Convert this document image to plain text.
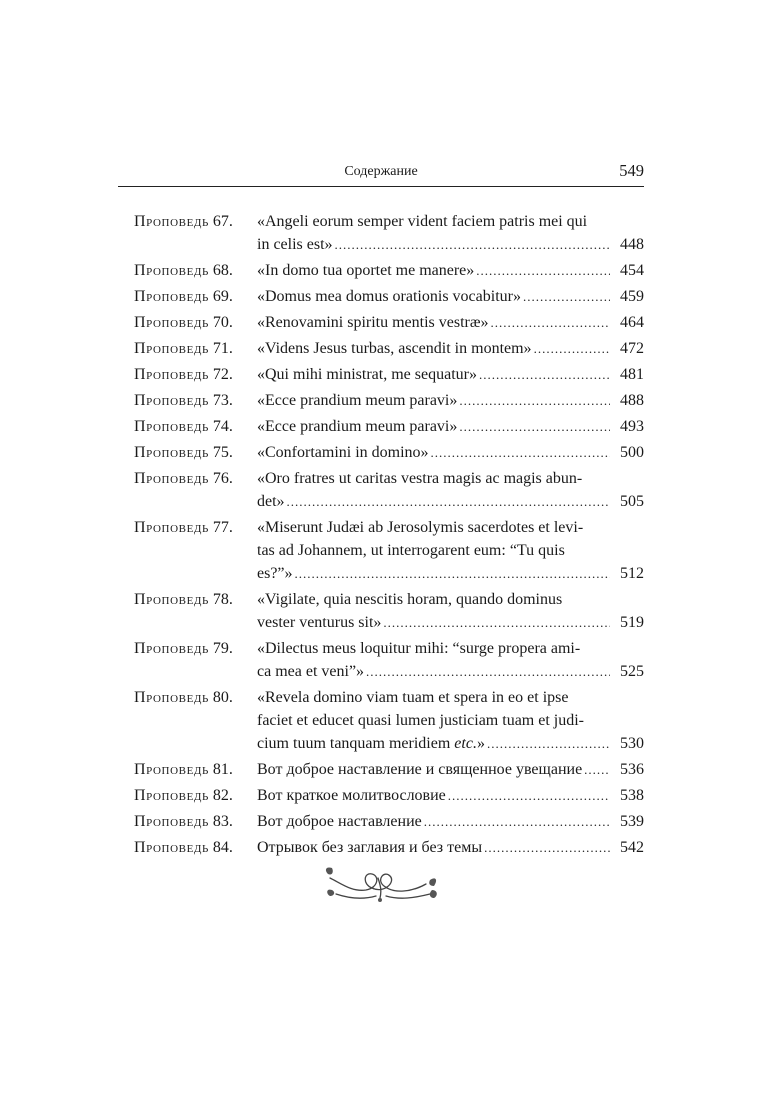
Содержание	549
Проповедь 67.	«Angeli eorum semper vident faciem patris mei qui
in celis est» .....	448
Проповедь 68.	«In domo tua oportet me manere» .....	454
Проповедь 69.	«Domus mea domus orationis vocabitur» .....	459
Проповедь 70.	«Renovamini spiritu mentis vestræ» .....	464
Проповедь 71.	«Videns Jesus turbas, ascendit in montem» .....	472
Проповедь 72.	«Qui mihi ministrat, me sequatur» .....	481
Проповедь 73.	«Ecce prandium meum paravi» .....	488
Проповедь 74.	«Ecce prandium meum paravi» .....	493
Проповедь 75.	«Confortamini in domino» .....	500
Проповедь 76.	«Oro fratres ut caritas vestra magis ac magis abun-
det» .....	505
Проповедь 77.	«Miserunt Judæi ab Jerosolymis sacerdotes et levi-
tas ad Johannem, ut interrogarent eum: “Tu quis
es?”» .....	512
Проповедь 78.	«Vigilate, quia nescitis horam, quando dominus
vester venturus sit» .....	519
Проповедь 79.	«Dilectus meus loquitur mihi: “surge propera ami-
ca mea et veni”» .....	525
Проповедь 80.	«Revela domino viam tuam et spera in eo et ipse
faciet et educet quasi lumen justiciam tuam et judi-
cium tuum tanquam meridiem etc.» .....	530
Проповедь 81.	Вот доброе наставление и священное увещание ..... 536
Проповедь 82.	Вот краткое молитвословие .....	538
Проповедь 83.	Вот доброе наставление .....	539
Проповедь 84.	Отрывок без заглавия и без темы .....	542
